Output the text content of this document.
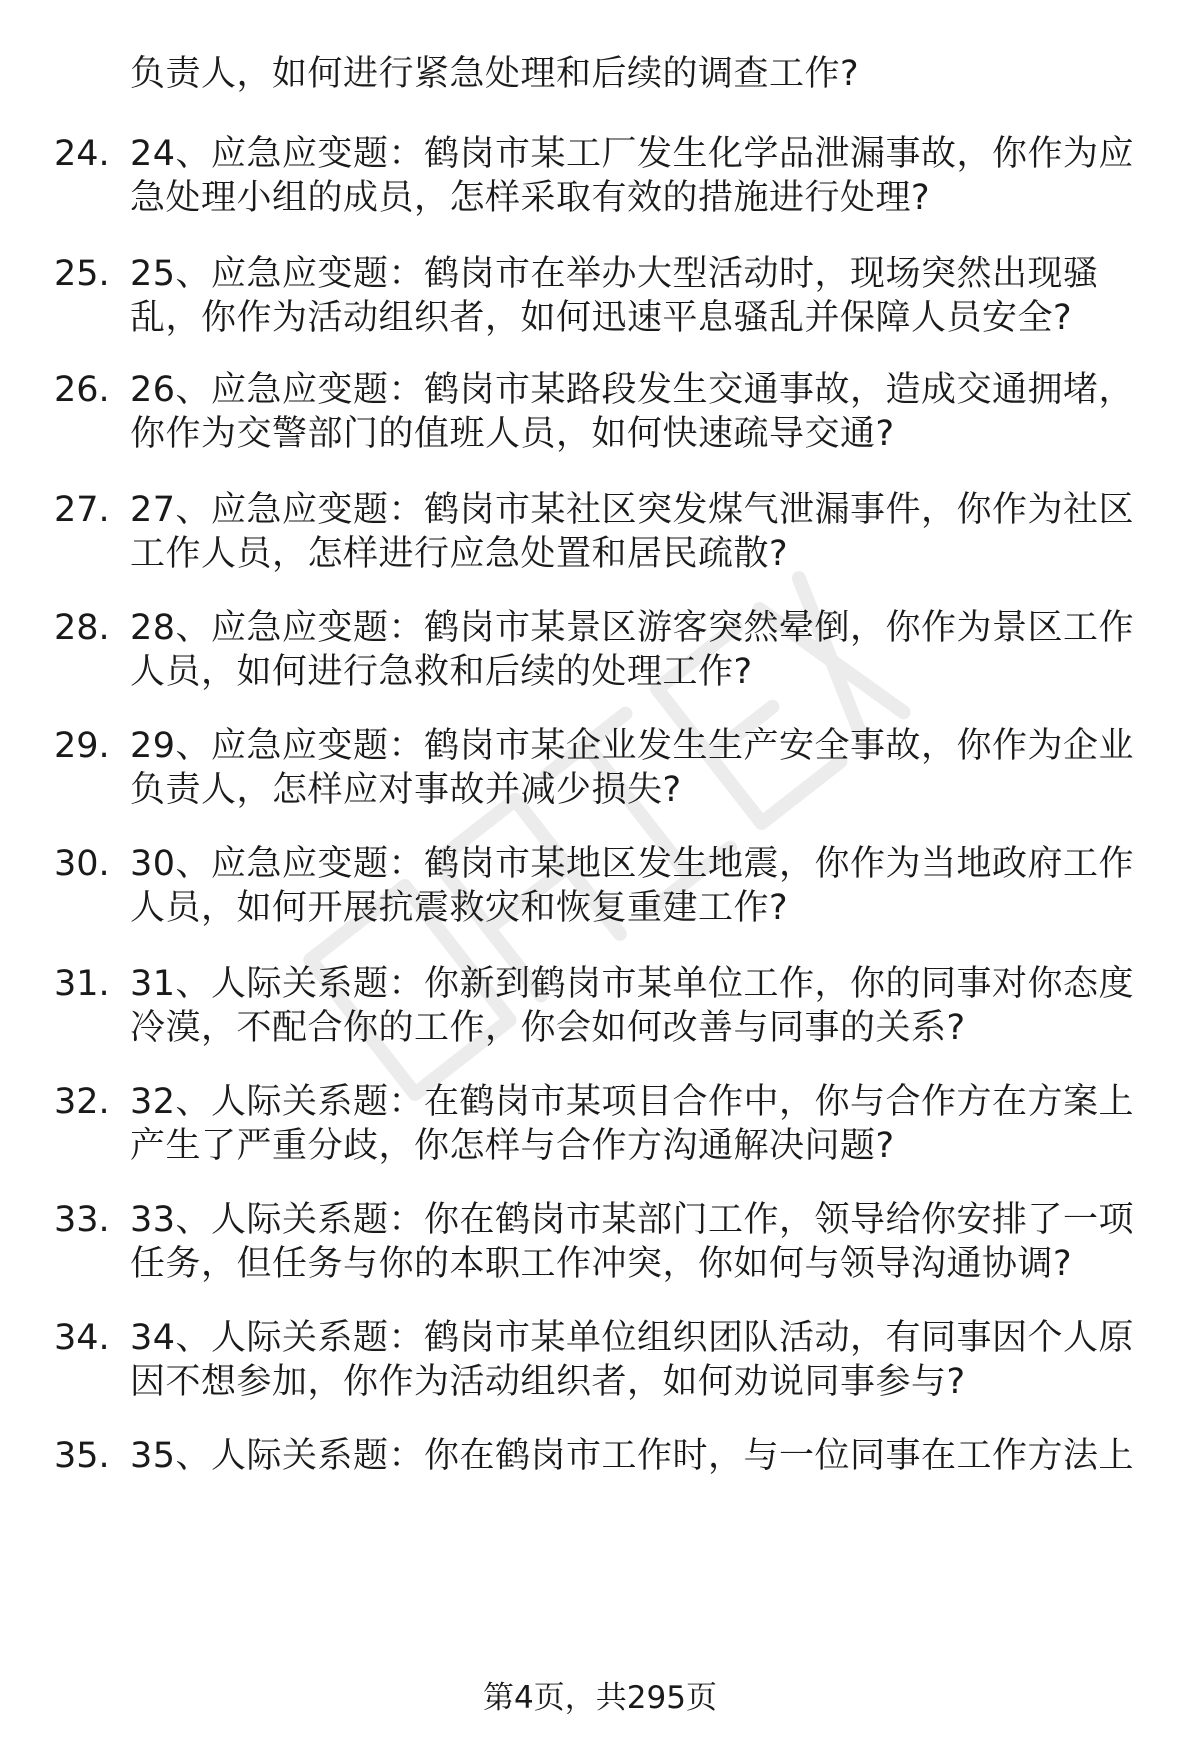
负责人，如何进行紧急处理和后续的调查工作?
24. 24、应急应变题：鹤岗市某工厂发生化学品泄漏事故，你作为应
急处理小组的成员，怎样采取有效的措施进行处理?
25. 25、应急应变题：鹤岗市在举办大型活动时，现场突然出现骚
乱，你作为活动组织者，如何迅速平息骚乱并保障人员安全?
26. 26、应急应变题：鹤岗市某路段发生交通事故，造成交通拥堵，
你作为交警部门的值班人员，如何快速疏导交通?
27. 27、应急应变题：鹤岗市某社区突发煤气泄漏事件，你作为社区
工作人员，怎样进行应急处置和居民疏散?
28. 28、应急应变题：鹤岗市某景区游客突然晕倒，你作为景区工作
人员，如何进行急救和后续的处理工作?
29. 29、应急应变题：鹤岗市某企业发生生产安全事故，你作为企业
负责人，怎样应对事故并减少损失?
30. 30、应急应变题：鹤岗市某地区发生地震，你作为当地政府工作
人员，如何开展抗震救灾和恢复重建工作?
31. 31、人际关系题：你新到鹤岗市某单位工作，你的同事对你态度
冷漠，不配合你的工作，你会如何改善与同事的关系?
32. 32、人际关系题：在鹤岗市某项目合作中，你与合作方在方案上
产生了严重分歧，你怎样与合作方沟通解决问题?
33. 33、人际关系题：你在鹤岗市某部门工作，领导给你安排了一项
任务，但任务与你的本职工作冲突，你如何与领导沟通协调?
34. 34、人际关系题：鹤岗市某单位组织团队活动，有同事因个人原
因不想参加，你作为活动组织者，如何劝说同事参与?
35. 35、人际关系题：你在鹤岗市工作时，与一位同事在工作方法上
第4页，共295页
